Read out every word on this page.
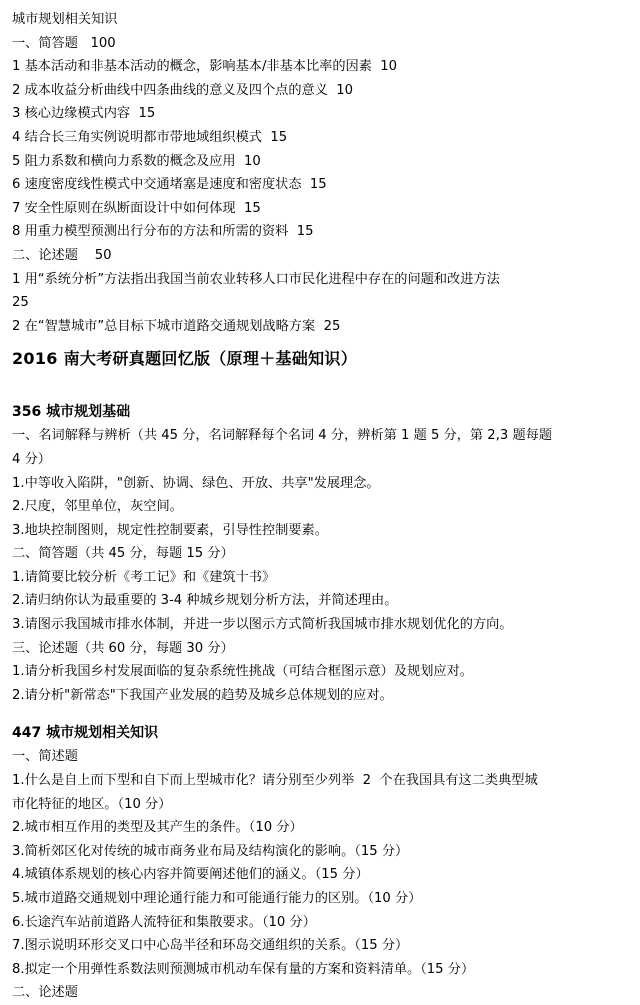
城市规划相关知识
一、简答题   100
1 基本活动和非基本活动的概念，影响基本/非基本比率的因素  10
2 成本收益分析曲线中四条曲线的意义及四个点的意义  10
3 核心边缘模式内容  15
4 结合长三角实例说明都市带地域组织模式  15
5 阻力系数和横向力系数的概念及应用  10
6 速度密度线性模式中交通堵塞是速度和密度状态  15
7 安全性原则在纵断面设计中如何体现  15
8 用重力模型预测出行分布的方法和所需的资料  15
二、论述题    50
1 用“系统分析”方法指出我国当前农业转移人口市民化进程中存在的问题和改进方法
25
2 在“智慧城市”总目标下城市道路交通规划战略方案  25
2016 南大考研真题回忆版（原理＋基础知识）
356 城市规划基础
一、名词解释与辨析（共 45 分，名词解释每个名词 4 分，辨析第 1 题 5 分，第 2,3 题每题
4 分）
1.中等收入陷阱，"创新、协调、绿色、开放、共享"发展理念。
2.尺度，邻里单位，灰空间。
3.地块控制图则，规定性控制要素，引导性控制要素。
二、简答题（共 45 分，每题 15 分）
1.请简要比较分析《考工记》和《建筑十书》
2.请归纳你认为最重要的 3-4 种城乡规划分析方法，并简述理由。
3.请图示我国城市排水体制，并进一步以图示方式简析我国城市排水规划优化的方向。
三、论述题（共 60 分，每题 30 分）
1.请分析我国乡村发展面临的复杂系统性挑战（可结合框图示意）及规划应对。
2.请分析"新常态"下我国产业发展的趋势及城乡总体规划的应对。
447 城市规划相关知识
一、简述题
1.什么是自上而下型和自下而上型城市化？请分别至少列举  2  个在我国具有这二类典型城
市化特征的地区。（10 分）
2.城市相互作用的类型及其产生的条件。（10 分）
3.简析郊区化对传统的城市商务业布局及结构演化的影响。（15 分）
4.城镇体系规划的核心内容并简要阐述他们的涵义。（15 分）
5.城市道路交通规划中理论通行能力和可能通行能力的区别。（10 分）
6.长途汽车站前道路人流特征和集散要求。（10 分）
7.图示说明环形交叉口中心岛半径和环岛交通组织的关系。（15 分）
8.拟定一个用弹性系数法则预测城市机动车保有量的方案和资料清单。（15 分）
二、论述题
